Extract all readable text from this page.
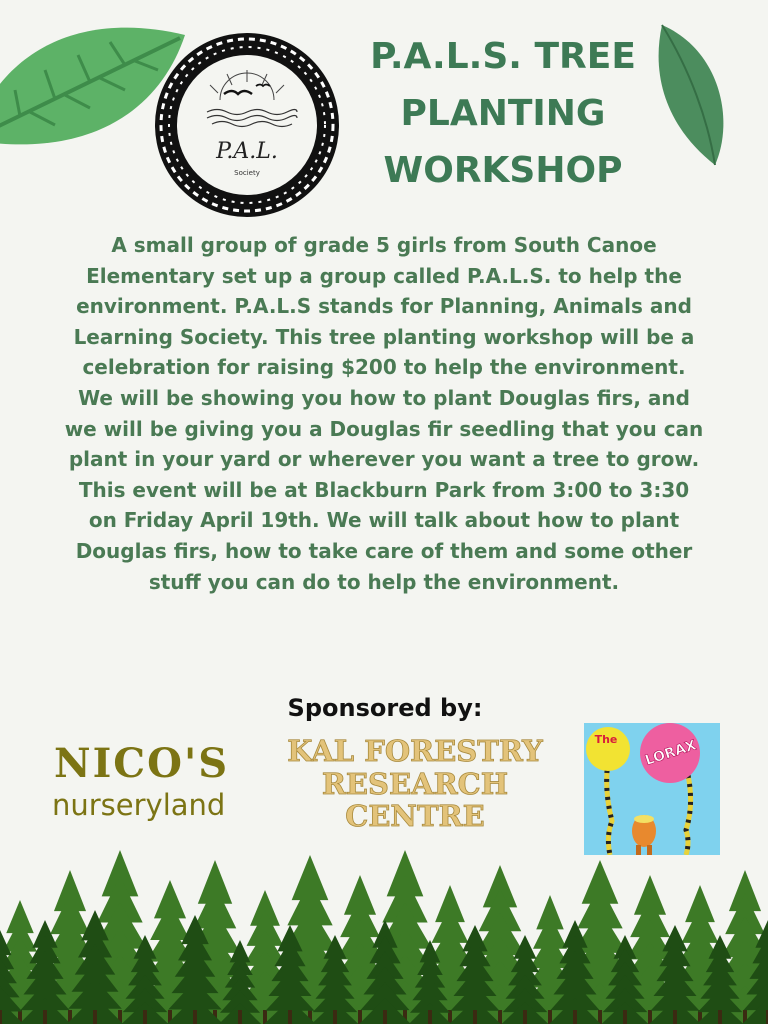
P.A.L.
Society
P.A.L.S. TREE
PLANTING
WORKSHOP
A small group of grade 5 girls from South Canoe
Elementary set up a group called P.A.L.S. to help the
environment. P.A.L.S stands for Planning, Animals and
Learning Society. This tree planting workshop will be a
celebration for raising $200 to help the environment.
We will be showing you how to plant Douglas firs, and
we will be giving you a Douglas fir seedling that you can
plant in your yard or wherever you want a tree to grow.
This event will be at Blackburn Park from 3:00 to 3:30
on Friday April 19th. We will talk about how to plant
Douglas firs, how to take care of them and some other
stuff you can do to help the environment.
Sponsored by:
NICO'S
nurseryland
KAL FORESTRY
RESEARCH
CENTRE
The LORAX
